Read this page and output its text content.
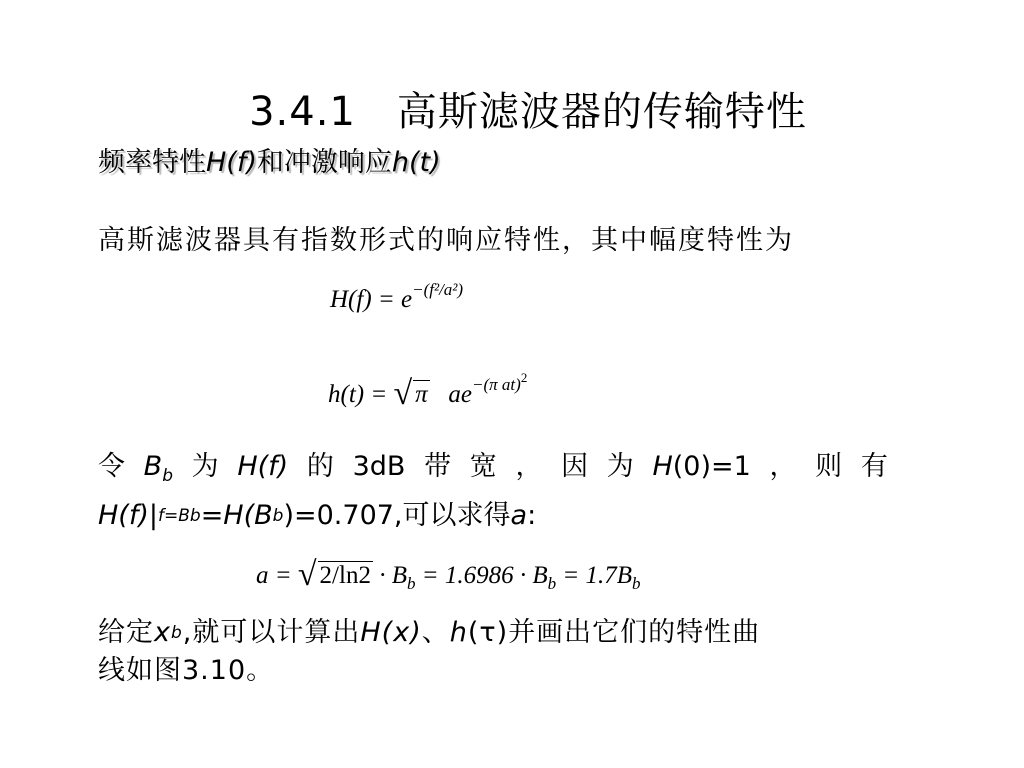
3.4.1　高斯滤波器的传输特性
频率特性H(f)和冲激响应h(t)
高斯滤波器具有指数形式的响应特性，其中幅度特性为
$H(f) = e^{-(f^2/a^2)}$
h(t) = √ π $ae^{-(\pi at)^2}$
令 $B_b$ 为 H(f) 的 3dB 带 宽 ， 因 为 H(0)=1 ， 则 有
H(f) | f=Bb =H(B b )=0.707,可以求得 a :
a = √ $2/\ln 2 \cdot B_b = 1.6986 \cdot B_b = 1.7B_b$
给定 x b ,就可以计算出 H(x) 、 h (τ) 并画出它们的特性曲
线如图3.10。
